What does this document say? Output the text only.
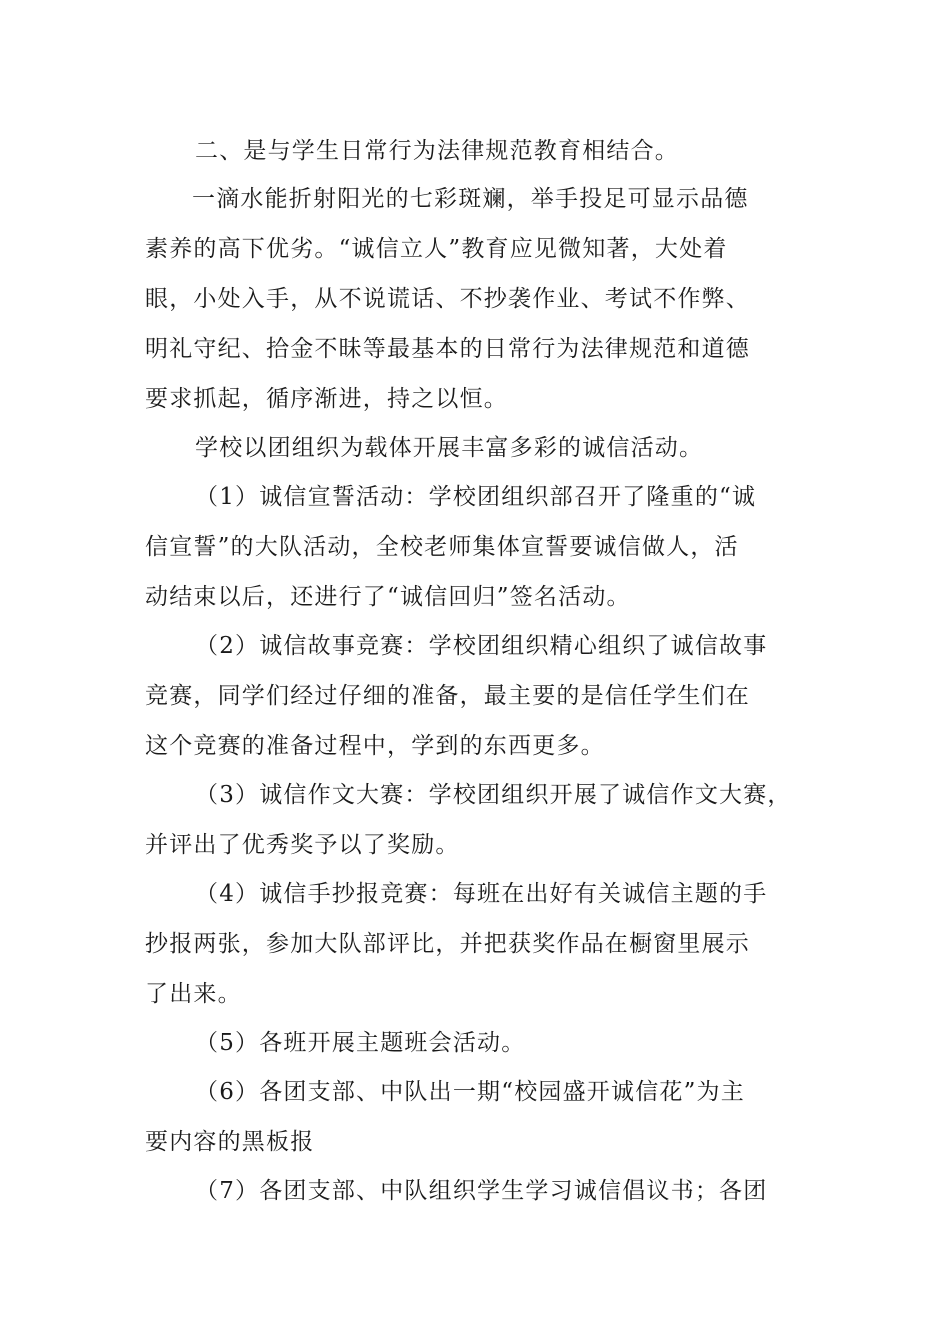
二、是与学生日常行为法律规范教育相结合。
一滴水能折射阳光的七彩斑斓，举手投足可显示品德
素养的高下优劣。“诚信立人”教育应见微知著，大处着
眼，小处入手，从不说谎话、不抄袭作业、考试不作弊、
明礼守纪、拾金不昧等最基本的日常行为法律规范和道德
要求抓起，循序渐进，持之以恒。
学校以团组织为载体开展丰富多彩的诚信活动。
（1）诚信宣誓活动：学校团组织部召开了隆重的“诚
信宣誓”的大队活动，全校老师集体宣誓要诚信做人，活
动结束以后，还进行了“诚信回归”签名活动。
（2）诚信故事竞赛：学校团组织精心组织了诚信故事
竞赛，同学们经过仔细的准备，最主要的是信任学生们在
这个竞赛的准备过程中，学到的东西更多。
（3）诚信作文大赛：学校团组织开展了诚信作文大赛，
并评出了优秀奖予以了奖励。
（4）诚信手抄报竞赛：每班在出好有关诚信主题的手
抄报两张，参加大队部评比，并把获奖作品在橱窗里展示
了出来。
（5）各班开展主题班会活动。
（6）各团支部、中队出一期“校园盛开诚信花”为主
要内容的黑板报
（7）各团支部、中队组织学生学习诚信倡议书；各团
